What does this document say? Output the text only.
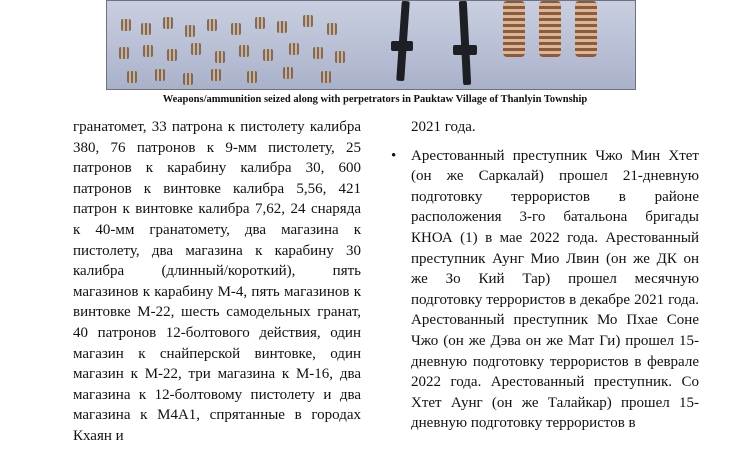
Weapons/ammunition seized along with perpetrators in Pauktaw Village of Thanlyin Township

гранатомет, 33 патрона к пистолету калибра 380, 76 патронов к 9-мм пистолету, 25 патронов к карабину калибра 30, 600 патронов к винтовке калибра 5,56, 421 патрон к винтовке калибра 7,62, 24 снаряда к 40-мм гранатомету, два магазина к пистолету, два магазина к карабину 30 калибра (длинный/короткий), пять магазинов к карабину М-4, пять магазинов к винтовке М-22, шесть самодельных гранат, 40 патронов 12-болтового действия, один магазин к снайперской винтовке, один магазин к М-22, три магазина к М-16, два магазина к 12-болтовому пистолету и два магазина к М4А1, спрятанные в городах Кхаян и

2021 года.

• Арестованный преступник Чжо Мин Хтет (он же Саркалай) прошел 21-дневную подготовку террористов в районе расположения 3-го батальона бригады КНОА (1) в мае 2022 года. Арестованный преступник Аунг Мио Лвин (он же ДК он же Зо Кий Тар) прошел месячную подготовку террористов в декабре 2021 года. Арестованный преступник Мо Пхае Соне Чжо (он же Дэва он же Мат Ги) прошел 15-дневную подготовку террористов в феврале 2022 года. Арестованный преступник. Со Хтет Аунг (он же Талайкар) прошел 15-дневную подготовку террористов в
